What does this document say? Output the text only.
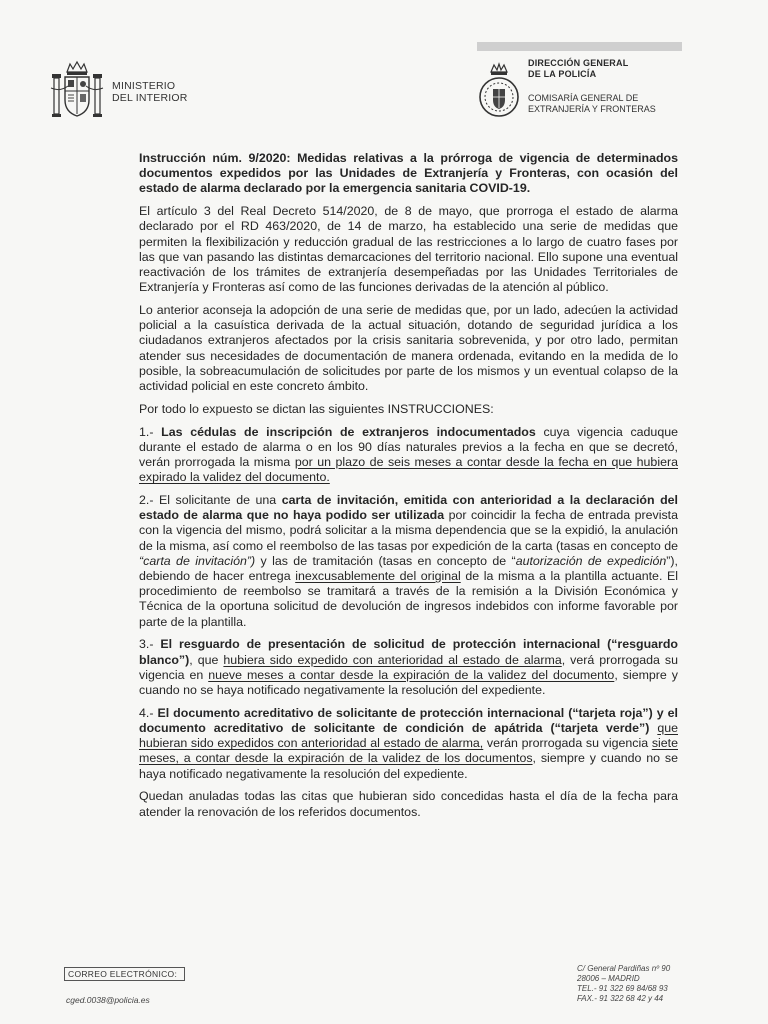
MINISTERIO
DEL INTERIOR
DIRECCIÓN GENERAL
DE LA POLICÍA
COMISARÍA GENERAL DE
EXTRANJERÍA Y FRONTERAS

Instrucción núm. 9/2020: Medidas relativas a la prórroga de vigencia de determinados documentos expedidos por las Unidades de Extranjería y Fronteras, con ocasión del estado de alarma declarado por la emergencia sanitaria COVID-19.

El artículo 3 del Real Decreto 514/2020, de 8 de mayo, que prorroga el estado de alarma declarado por el RD 463/2020, de 14 de marzo, ha establecido una serie de medidas que permiten la flexibilización y reducción gradual de las restricciones a lo largo de cuatro fases por las que van pasando las distintas demarcaciones del territorio nacional. Ello supone una eventual reactivación de los trámites de extranjería desempeñadas por las Unidades Territoriales de Extranjería y Fronteras así como de las funciones derivadas de la atención al público.

Lo anterior aconseja la adopción de una serie de medidas que, por un lado, adecúen la actividad policial a la casuística derivada de la actual situación, dotando de seguridad jurídica a los ciudadanos extranjeros afectados por la crisis sanitaria sobrevenida, y por otro lado, permitan atender sus necesidades de documentación de manera ordenada, evitando en la medida de lo posible, la sobreacumulación de solicitudes por parte de los mismos y un eventual colapso de la actividad policial en este concreto ámbito.

Por todo lo expuesto se dictan las siguientes INSTRUCCIONES:

1.- Las cédulas de inscripción de extranjeros indocumentados cuya vigencia caduque durante el estado de alarma o en los 90 días naturales previos a la fecha en que se decretó, verán prorrogada la misma por un plazo de seis meses a contar desde la fecha en que hubiera expirado la validez del documento.

2.- El solicitante de una carta de invitación, emitida con anterioridad a la declaración del estado de alarma que no haya podido ser utilizada por coincidir la fecha de entrada prevista con la vigencia del mismo, podrá solicitar a la misma dependencia que se la expidió, la anulación de la misma, así como el reembolso de las tasas por expedición de la carta (tasas en concepto de “carta de invitación”) y las de tramitación (tasas en concepto de “autorización de expedición”), debiendo de hacer entrega inexcusablemente del original de la misma a la plantilla actuante. El procedimiento de reembolso se tramitará a través de la remisión a la División Económica y Técnica de la oportuna solicitud de devolución de ingresos indebidos con informe favorable por parte de la plantilla.

3.- El resguardo de presentación de solicitud de protección internacional (“resguardo blanco”), que hubiera sido expedido con anterioridad al estado de alarma, verá prorrogada su vigencia en nueve meses a contar desde la expiración de la validez del documento, siempre y cuando no se haya notificado negativamente la resolución del expediente.

4.- El documento acreditativo de solicitante de protección internacional (“tarjeta roja”) y el documento acreditativo de solicitante de condición de apátrida (“tarjeta verde”) que hubieran sido expedidos con anterioridad al estado de alarma, verán prorrogada su vigencia siete meses, a contar desde la expiración de la validez de los documentos, siempre y cuando no se haya notificado negativamente la resolución del expediente.

Quedan anuladas todas las citas que hubieran sido concedidas hasta el día de la fecha para atender la renovación de los referidos documentos.

CORREO ELECTRÓNICO:
cged.0038@policia.es
C/ General Pardiñas nº 90
28006 – MADRID
TEL.- 91 322 69 84/68 93
FAX.- 91 322 68 42 y 44
